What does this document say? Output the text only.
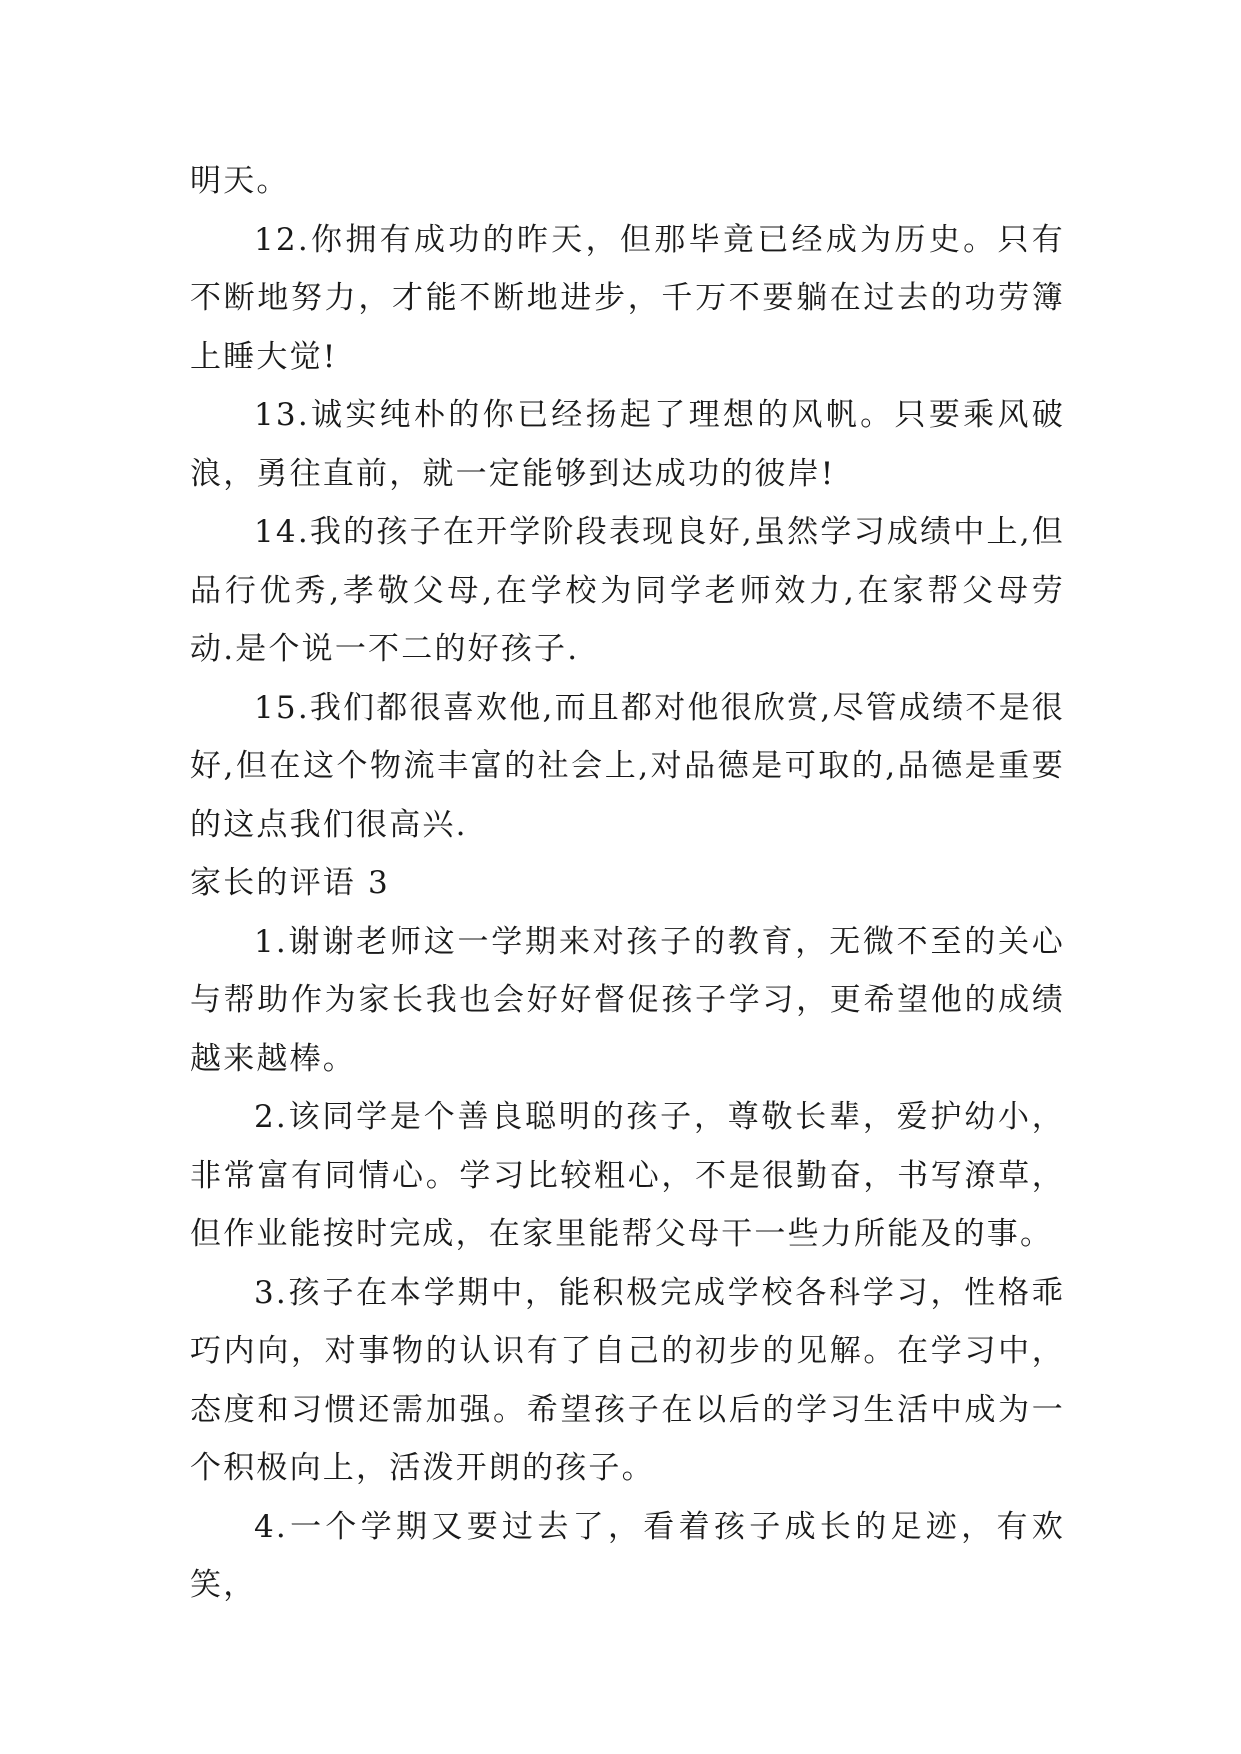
明天。

12.你拥有成功的昨天，但那毕竟已经成为历史。只有不断地努力，才能不断地进步，千万不要躺在过去的功劳簿上睡大觉!

13.诚实纯朴的你已经扬起了理想的风帆。只要乘风破浪，勇往直前，就一定能够到达成功的彼岸!

14.我的孩子在开学阶段表现良好,虽然学习成绩中上,但品行优秀,孝敬父母,在学校为同学老师效力,在家帮父母劳动.是个说一不二的好孩子.

15.我们都很喜欢他,而且都对他很欣赏,尽管成绩不是很好,但在这个物流丰富的社会上,对品德是可取的,品德是重要的这点我们很高兴.

家长的评语 3

1.谢谢老师这一学期来对孩子的教育，无微不至的关心与帮助作为家长我也会好好督促孩子学习，更希望他的成绩越来越棒。

2.该同学是个善良聪明的孩子，尊敬长辈，爱护幼小，非常富有同情心。学习比较粗心，不是很勤奋，书写潦草，但作业能按时完成，在家里能帮父母干一些力所能及的事。

3.孩子在本学期中，能积极完成学校各科学习，性格乖巧内向，对事物的认识有了自己的初步的见解。在学习中，态度和习惯还需加强。希望孩子在以后的学习生活中成为一个积极向上，活泼开朗的孩子。

4.一个学期又要过去了，看着孩子成长的足迹，有欢笑，
